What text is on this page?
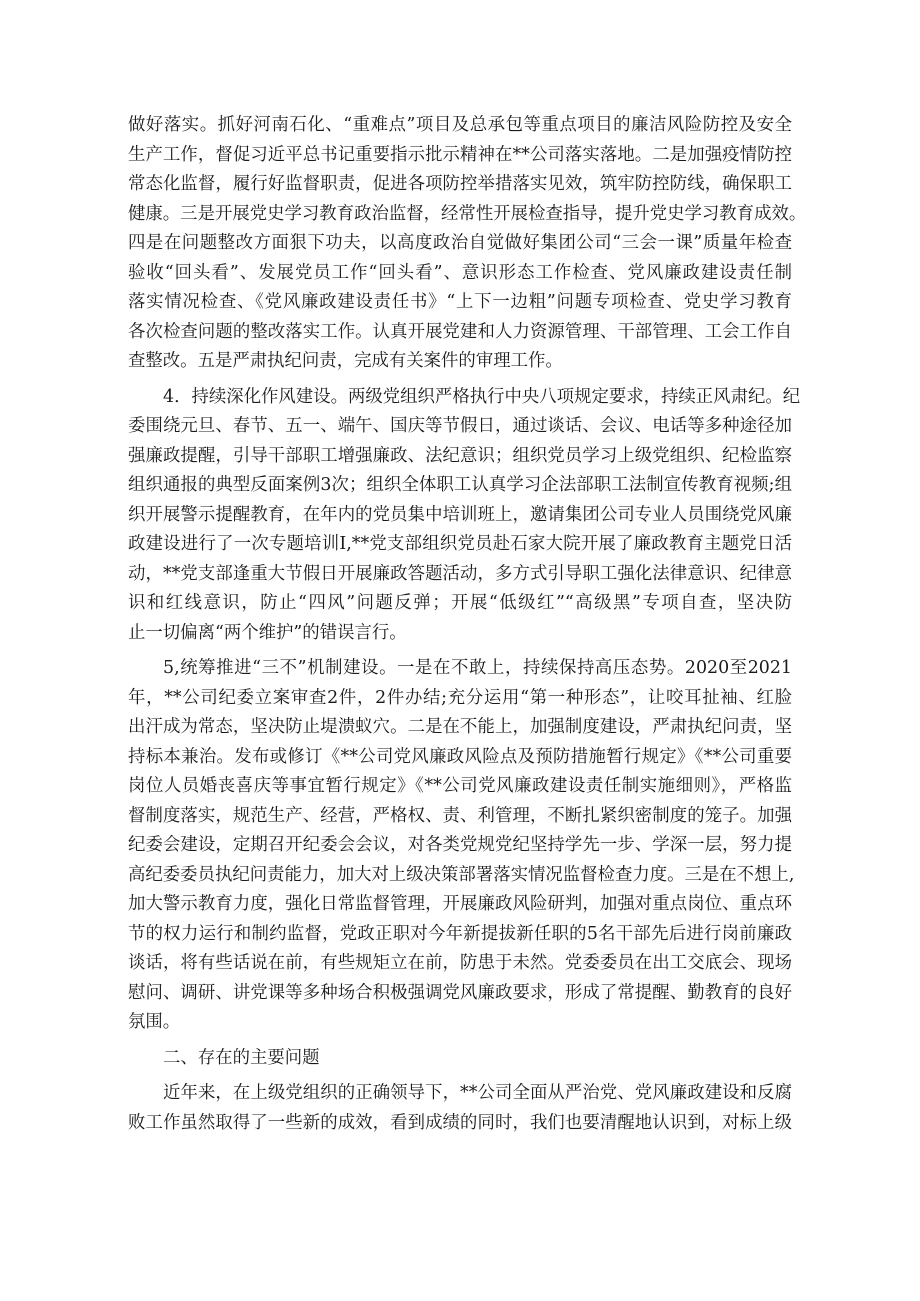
做好落实。抓好河南石化、“重难点”项目及总承包等重点项目的廉洁风险防控及安全
生产工作，督促习近平总书记重要指示批示精神在**公司落实落地。二是加强疫情防控
常态化监督，履行好监督职责，促进各项防控举措落实见效，筑牢防控防线，确保职工
健康。三是开展党史学习教育政治监督，经常性开展检查指导，提升党史学习教育成效。
四是在问题整改方面狠下功夫，以高度政治自觉做好集团公司“三会一课”质量年检查
验收“回头看”、发展党员工作“回头看”、意识形态工作检查、党风廉政建设责任制
落实情况检查、《党风廉政建设责任书》“上下一边粗”问题专项检查、党史学习教育
各次检查问题的整改落实工作。认真开展党建和人力资源管理、干部管理、工会工作自
查整改。五是严肃执纪问责，完成有关案件的审理工作。
4．持续深化作风建设。两级党组织严格执行中央八项规定要求，持续正风肃纪。纪
委围绕元旦、春节、五一、端午、国庆等节假日，通过谈话、会议、电话等多种途径加
强廉政提醒，引导干部职工增强廉政、法纪意识；组织党员学习上级党组织、纪检监察
组织通报的典型反面案例3次；组织全体职工认真学习企法部职工法制宣传教育视频;组
织开展警示提醒教育，在年内的党员集中培训班上，邀请集团公司专业人员围绕党风廉
政建设进行了一次专题培训I,**党支部组织党员赴石家大院开展了廉政教育主题党日活
动，**党支部逢重大节假日开展廉政答题活动，多方式引导职工强化法律意识、纪律意
识和红线意识，防止“四风”问题反弹；开展“低级红”“高级黑”专项自查，坚决防
止一切偏离“两个维护”的错误言行。
5,统筹推进“三不”机制建设。一是在不敢上，持续保持高压态势。2020至2021
年，**公司纪委立案审查2件，2件办结;充分运用“第一种形态”，让咬耳扯袖、红脸
出汗成为常态，坚决防止堤溃蚁穴。二是在不能上，加强制度建设，严肃执纪问责，坚
持标本兼治。发布或修订《**公司党风廉政风险点及预防措施暂行规定》《**公司重要
岗位人员婚丧喜庆等事宜暂行规定》《**公司党风廉政建设责任制实施细则》，严格监
督制度落实，规范生产、经营，严格权、责、利管理，不断扎紧织密制度的笼子。加强
纪委会建设，定期召开纪委会会议，对各类党规党纪坚持学先一步、学深一层，努力提
高纪委委员执纪问责能力，加大对上级决策部署落实情况监督检查力度。三是在不想上,
加大警示教育力度，强化日常监督管理，开展廉政风险研判，加强对重点岗位、重点环
节的权力运行和制约监督，党政正职对今年新提拔新任职的5名干部先后进行岗前廉政
谈话，将有些话说在前，有些规矩立在前，防患于未然。党委委员在出工交底会、现场
慰问、调研、讲党课等多种场合积极强调党风廉政要求，形成了常提醒、勤教育的良好
氛围。
二、存在的主要问题
近年来，在上级党组织的正确领导下，**公司全面从严治党、党风廉政建设和反腐
败工作虽然取得了一些新的成效，看到成绩的同时，我们也要清醒地认识到，对标上级
